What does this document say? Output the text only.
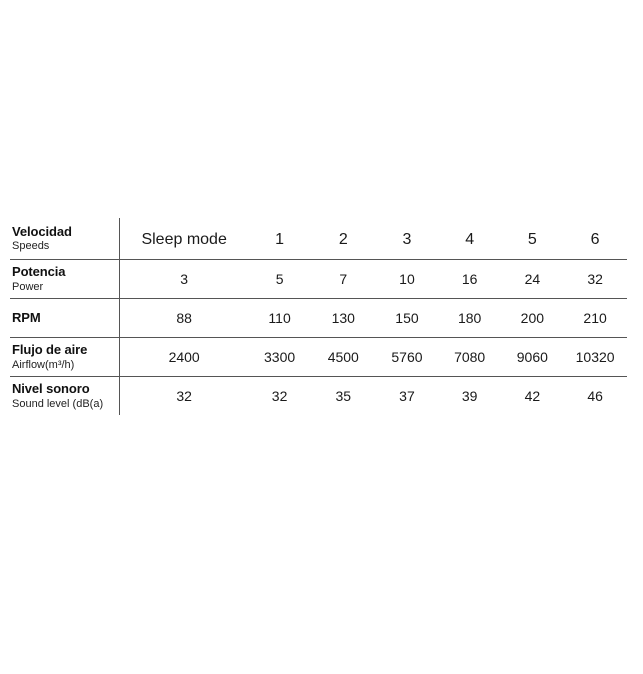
Velocidad
Speeds	Sleep mode	1	2	3	4	5	6

Potencia
Power	3	5	7	10	16	24	32

RPM	88	110	130	150	180	200	210

Flujo de aire
Airflow(m³/h)	2400	3300	4500	5760	7080	9060	10320

Nivel sonoro
Sound level (dB(a)	32	32	35	37	39	42	46
